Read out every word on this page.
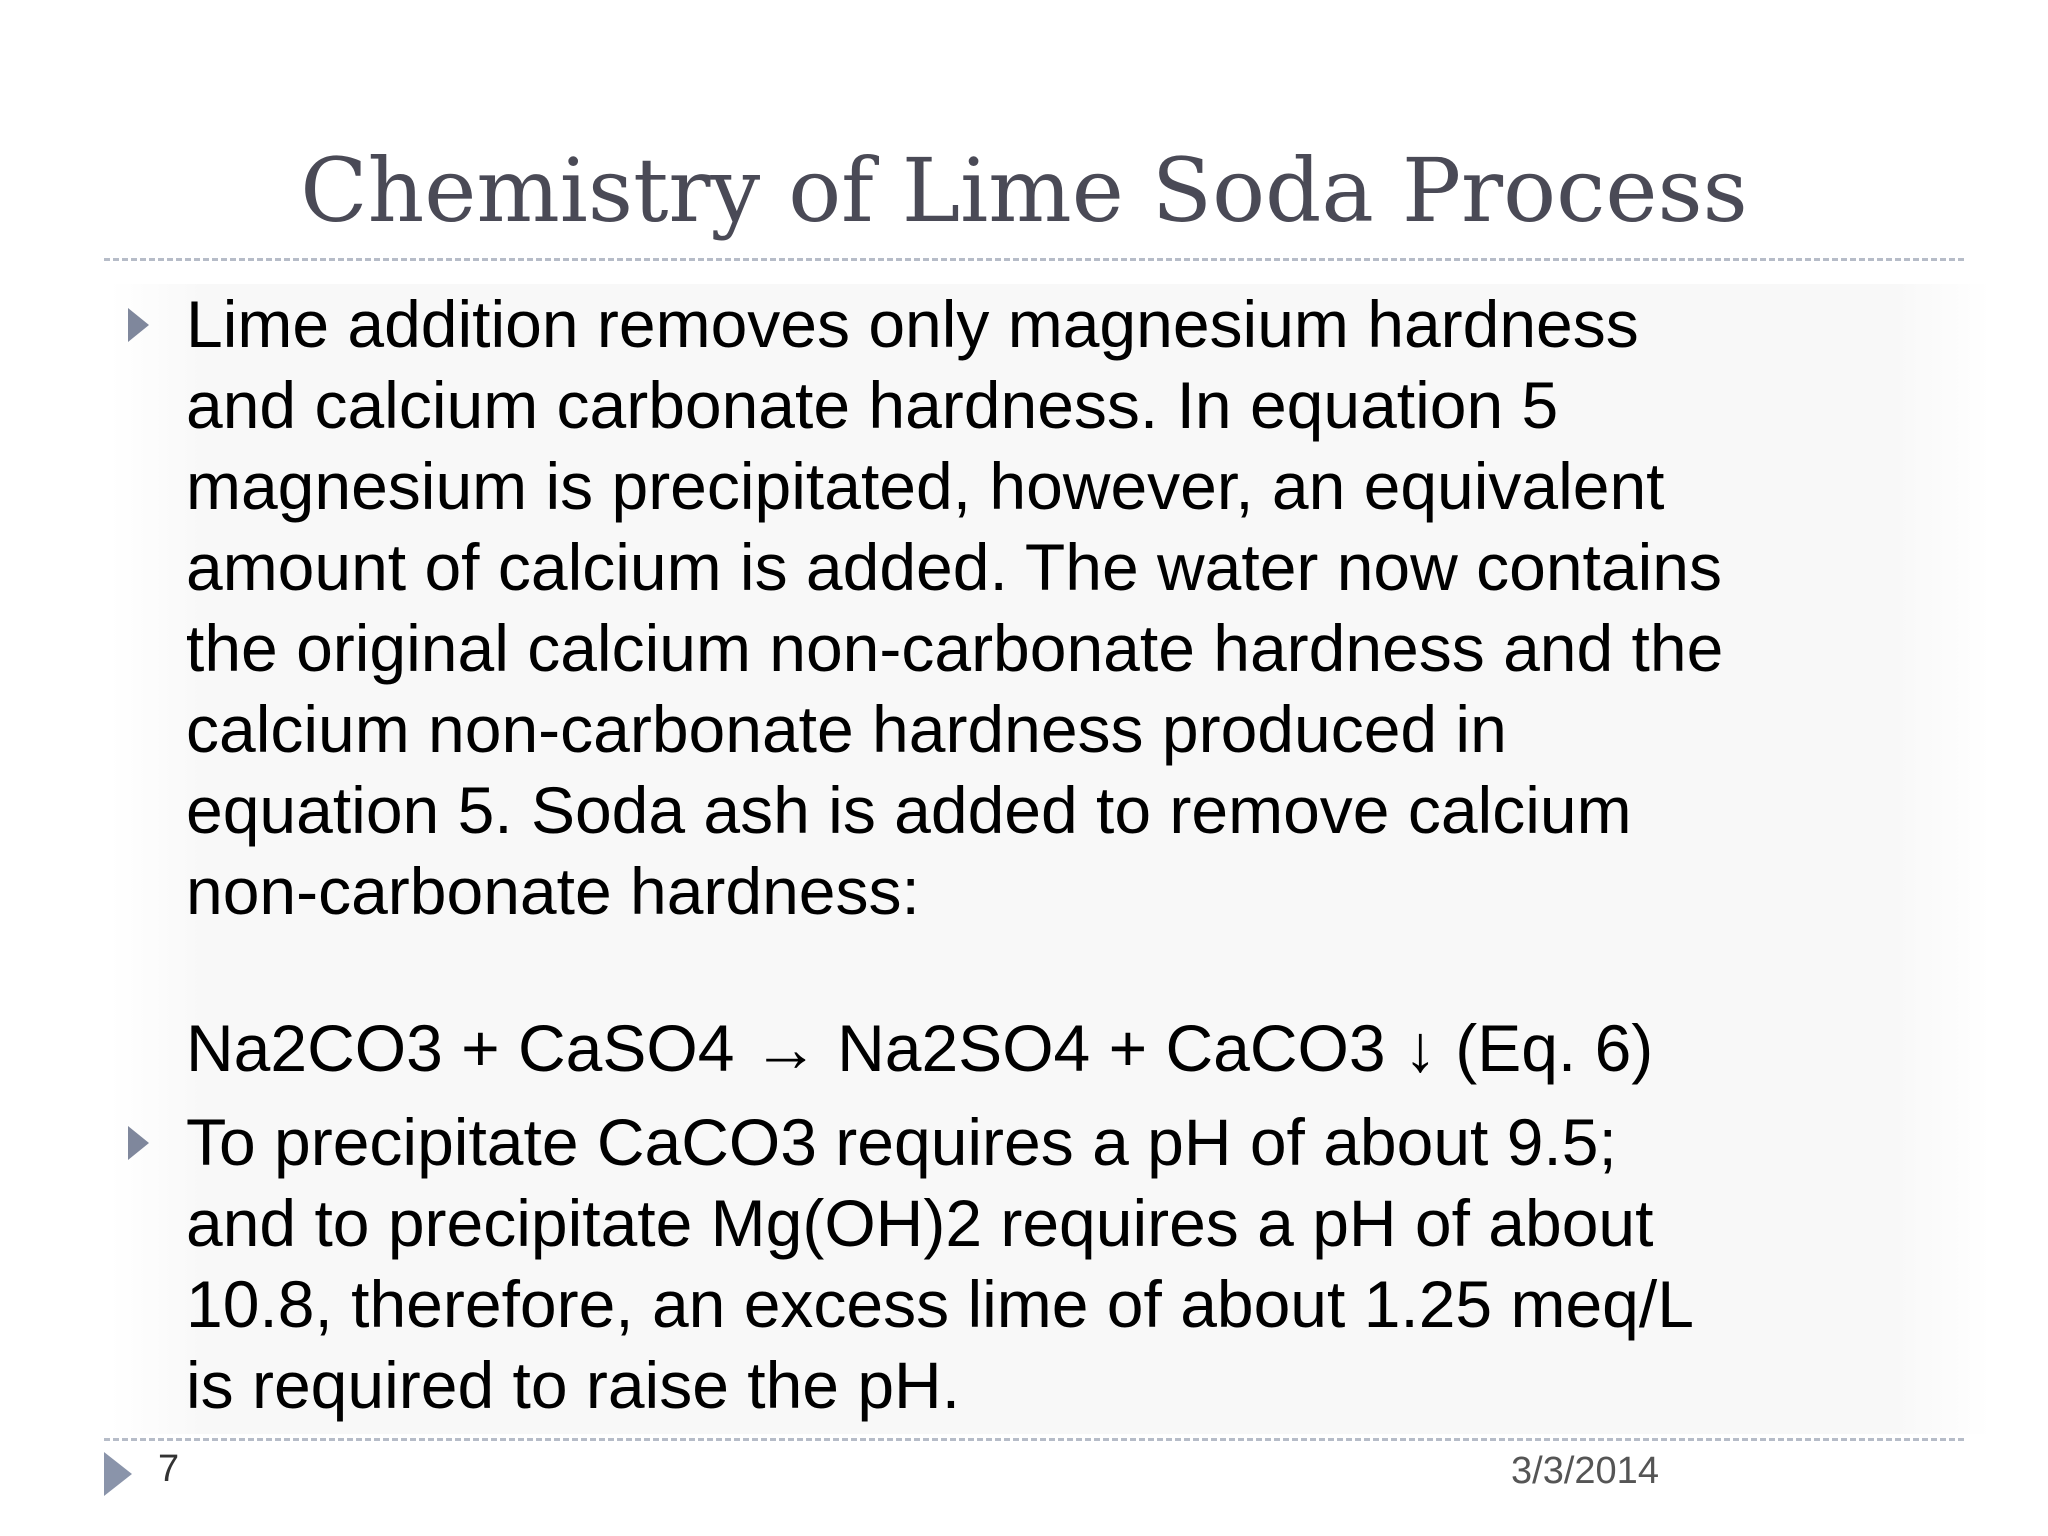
Chemistry of Lime Soda Process
Lime addition removes only magnesium hardness
and calcium carbonate hardness. In equation 5
magnesium is precipitated, however, an equivalent
amount of calcium is added. The water now contains
the original calcium non-carbonate hardness and the
calcium non-carbonate hardness produced in
equation 5. Soda ash is added to remove calcium
non-carbonate hardness:
Na2CO3 + CaSO4 → Na2SO4 + CaCO3 ↓ (Eq. 6)
To precipitate CaCO3 requires a pH of about 9.5;
and to precipitate Mg(OH)2 requires a pH of about
10.8, therefore, an excess lime of about 1.25 meq/L
is required to raise the pH.
7	3/3/2014
